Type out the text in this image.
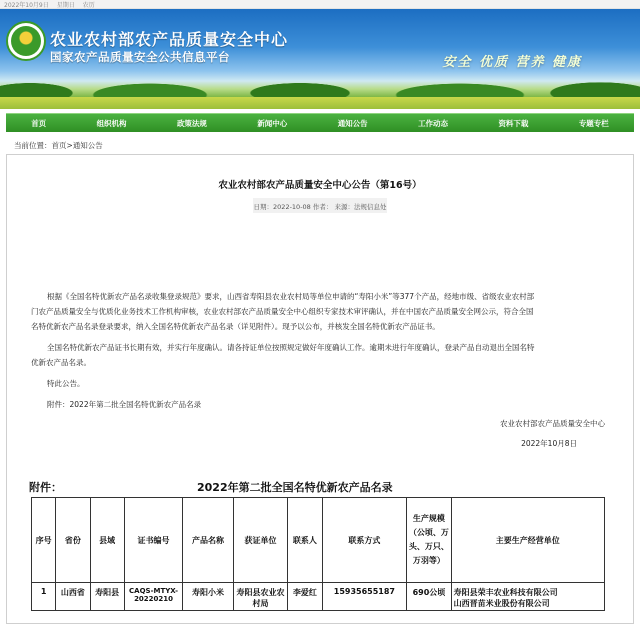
2022年10月9日 星期日 农历
农业农村部农产品质量安全中心
国家农产品质量安全公共信息平台	安全 优质 营养 健康
首页	组织机构	政策法规	新闻中心	通知公告	工作动态	资料下载	专题专栏
当前位置：首页>通知公告
农业农村部农产品质量安全中心公告（第16号）
日期：2022-10-08 作者： 来源：法规信息处
根据《全国名特优新农产品名录收集登录规范》要求，山西省寿阳县农业农村局等单位申请的“寿阳小米”等377个产品，经地市级、省级农业农村部
门农产品质量安全与优质化业务技术工作机构审核，农业农村部农产品质量安全中心组织专家技术审评确认，并在中国农产品质量安全网公示，符合全国
名特优新农产品名录登录要求，纳入全国名特优新农产品名录（详见附件）。现予以公布，并核发全国名特优新农产品证书。
全国名特优新农产品证书长期有效，并实行年度确认。请各持证单位按照规定做好年度确认工作。逾期未进行年度确认，登录产品自动退出全国名特
优新农产品名录。
特此公告。
附件：2022年第二批全国名特优新农产品名录
农业农村部农产品质量安全中心
2022年10月8日
附件：	2022年第二批全国名特优新农产品名录
序号	省份	县域	证书编号	产品名称	获证单位	联系人	联系方式	生产规模（公顷、万头、万只、万羽等）	主要生产经营单位
1	山西省	寿阳县	CAQS-MTYX-20220210	寿阳小米	寿阳县农业农村局	李爱红	15935655187	690公顷	寿阳县荣丰农业科技有限公司
山西晋苗米业股份有限公司
